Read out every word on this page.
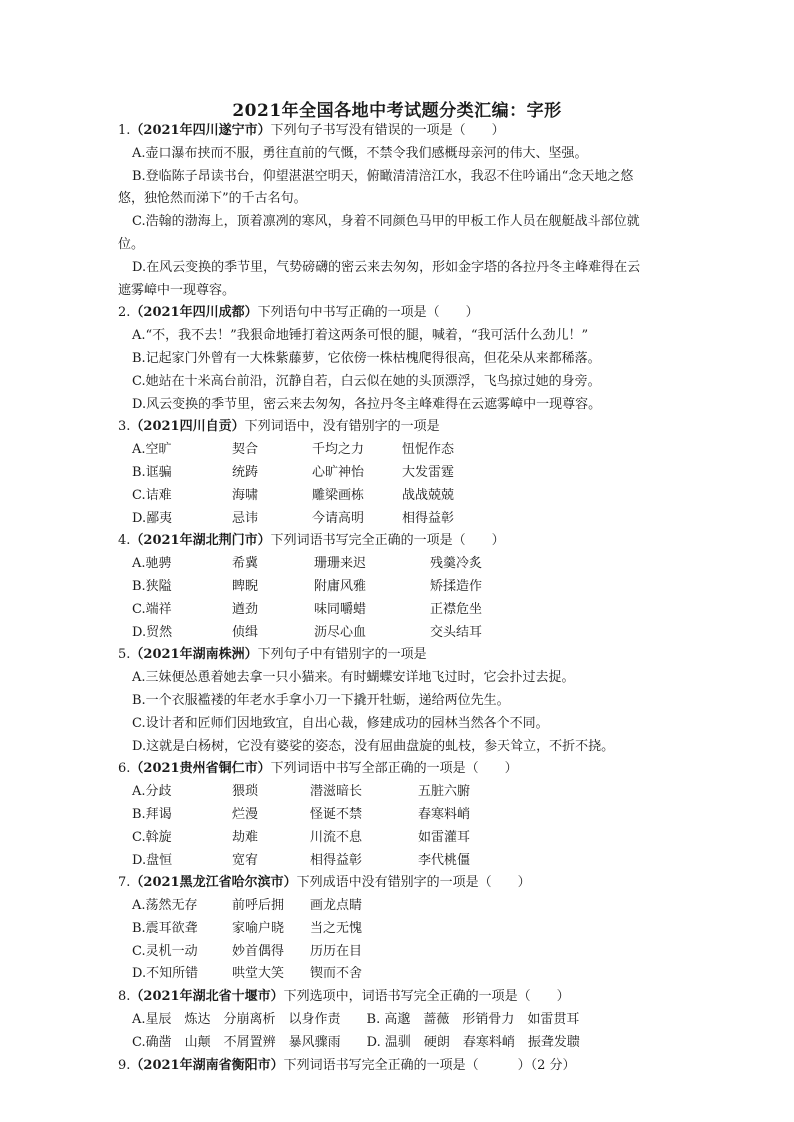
2021年全国各地中考试题分类汇编：字形
1.（2021年四川遂宁市）下列句子书写没有错误的一项是（　　）
A.壶口瀑布挟而不服，勇往直前的气慨，不禁令我们感概母亲河的伟大、坚强。
B.登临陈子昂读书台，仰望湛湛空明天，俯瞰清清涪江水，我忍不住吟诵出“念天地之悠
悠，独怆然而涕下”的千古名句。
C.浩翰的渤海上，顶着凛冽的寒风，身着不同颜色马甲的甲板工作人员在舰艇战斗部位就
位。
D.在风云变换的季节里，气势磅礴的密云来去匆匆，形如金字塔的各拉丹冬主峰难得在云
遮雾嶂中一现尊容。
2.（2021年四川成都）下列语句中书写正确的一项是（　　）
A.“不，我不去！”我狠命地锤打着这两条可恨的腿，喊着，“我可活什么劲儿！”
B.记起家门外曾有一大株紫藤萝，它依傍一株枯槐爬得很高，但花朵从来都稀落。
C.她站在十米高台前沿，沉静自若，白云似在她的头顶漂浮，飞鸟掠过她的身旁。
D.风云变换的季节里，密云来去匆匆，各拉丹冬主峰难得在云遮雾嶂中一现尊容。
3.（2021四川自贡）下列词语中，没有错别字的一项是
A.空旷	契合	千均之力	忸怩作态
B.诓骗	统踌	心旷神怡	大发雷霆
C.诘难	海啸	雕梁画栋	战战兢兢
D.鄙夷	忌讳	今请高明	相得益彰
4.（2021年湖北荆门市）下列词语书写完全正确的一项是（　　）
A.驰骋	希冀	珊珊来迟	残羹冷炙
B.狭隘	睥睨	附庸风雅	矫揉造作
C.端祥	遒劲	味同嚼蜡	正襟危坐
D.贸然	侦缉	沥尽心血	交头结耳
5.（2021年湖南株洲）下列句子中有错别字的一项是
A.三妹便怂恿着她去拿一只小猫来。有时蝴蝶安详地飞过时，它会扑过去捉。
B.一个衣服褴褛的年老水手拿小刀一下撬开牡蛎，递给两位先生。
C.设计者和匠师们因地致宜，自出心裁，修建成功的园林当然各个不同。
D.这就是白杨树，它没有婆娑的姿态，没有屈曲盘旋的虬枝，参天耸立，不折不挠。
6.（2021贵州省铜仁市）下列词语中书写全部正确的一项是（　　）
A.分歧	猥琐	潜滋暗长	五脏六腑
B.拜谒	烂漫	怪诞不禁	春寒料峭
C.斡旋	劫难	川流不息	如雷灌耳
D.盘恒	宽宥	相得益彰	李代桃僵
7.（2021黑龙江省哈尔滨市）下列成语中没有错别字的一项是（　　）
A.荡然无存	前呼后拥	画龙点睛
B.震耳欲聋	家喻户晓	当之无愧
C.灵机一动	妙首偶得	历历在目
D.不知所错	哄堂大笑	锲而不舍
8.（2021年湖北省十堰市）下列选项中，词语书写完全正确的一项是（　　）
A.星辰　炼达　分崩离析　以身作责　　B. 高邈　蔷薇　形销骨力　如雷贯耳
C.确凿　山颠　不屑置辨　暴风骤雨　　D. 温驯　硬朗　春寒料峭　振聋发聩
9.（2021年湖南省衡阳市）下列词语书写完全正确的一项是（　　　）（2 分）
